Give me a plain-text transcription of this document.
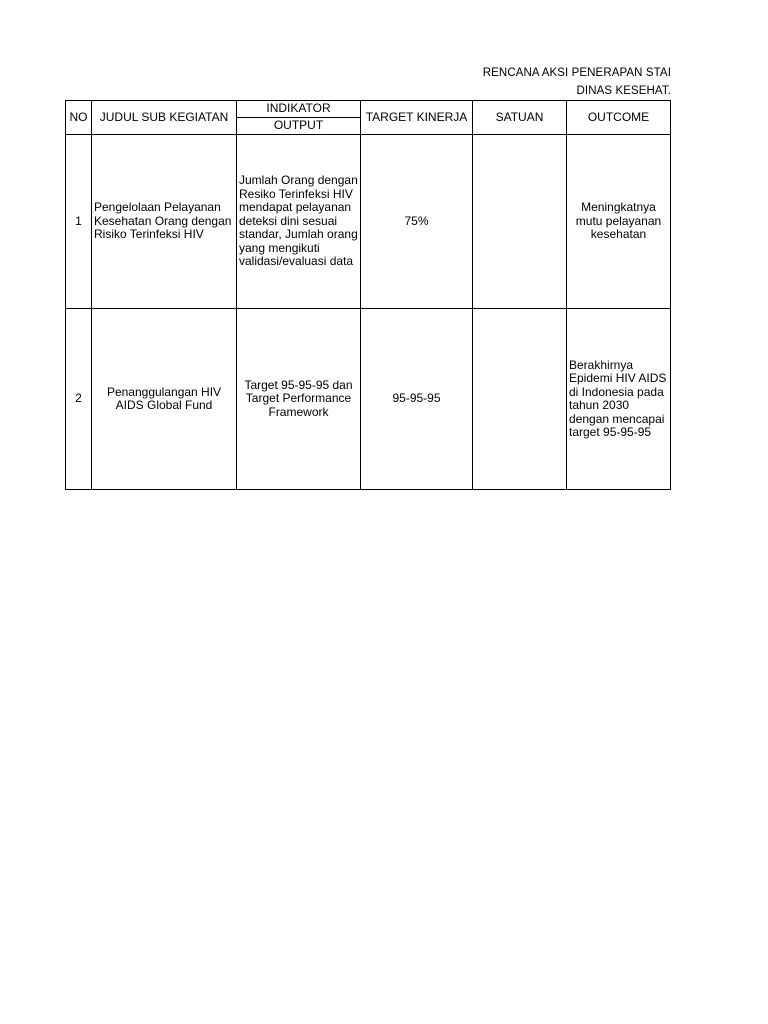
RENCANA AKSI PENERAPAN STAI
DINAS KESEHAT.
NO	JUDUL SUB KEGIATAN	INDIKATOR	TARGET KINERJA	SATUAN	OUTCOME
		OUTPUT			
1	Pengelolaan Pelayanan Kesehatan Orang dengan Risiko Terinfeksi HIV	Jumlah Orang dengan Resiko Terinfeksi HIV mendapat pelayanan deteksi dini sesuai standar, Jumlah orang yang mengikuti validasi/evaluasi data	75%		Meningkatnya mutu pelayanan kesehatan
2	Penanggulangan HIV AIDS Global Fund	Target 95-95-95 dan Target Performance Framework	95-95-95		Berakhirnya Epidemi HIV AIDS di Indonesia pada tahun 2030 dengan mencapai target 95-95-95
